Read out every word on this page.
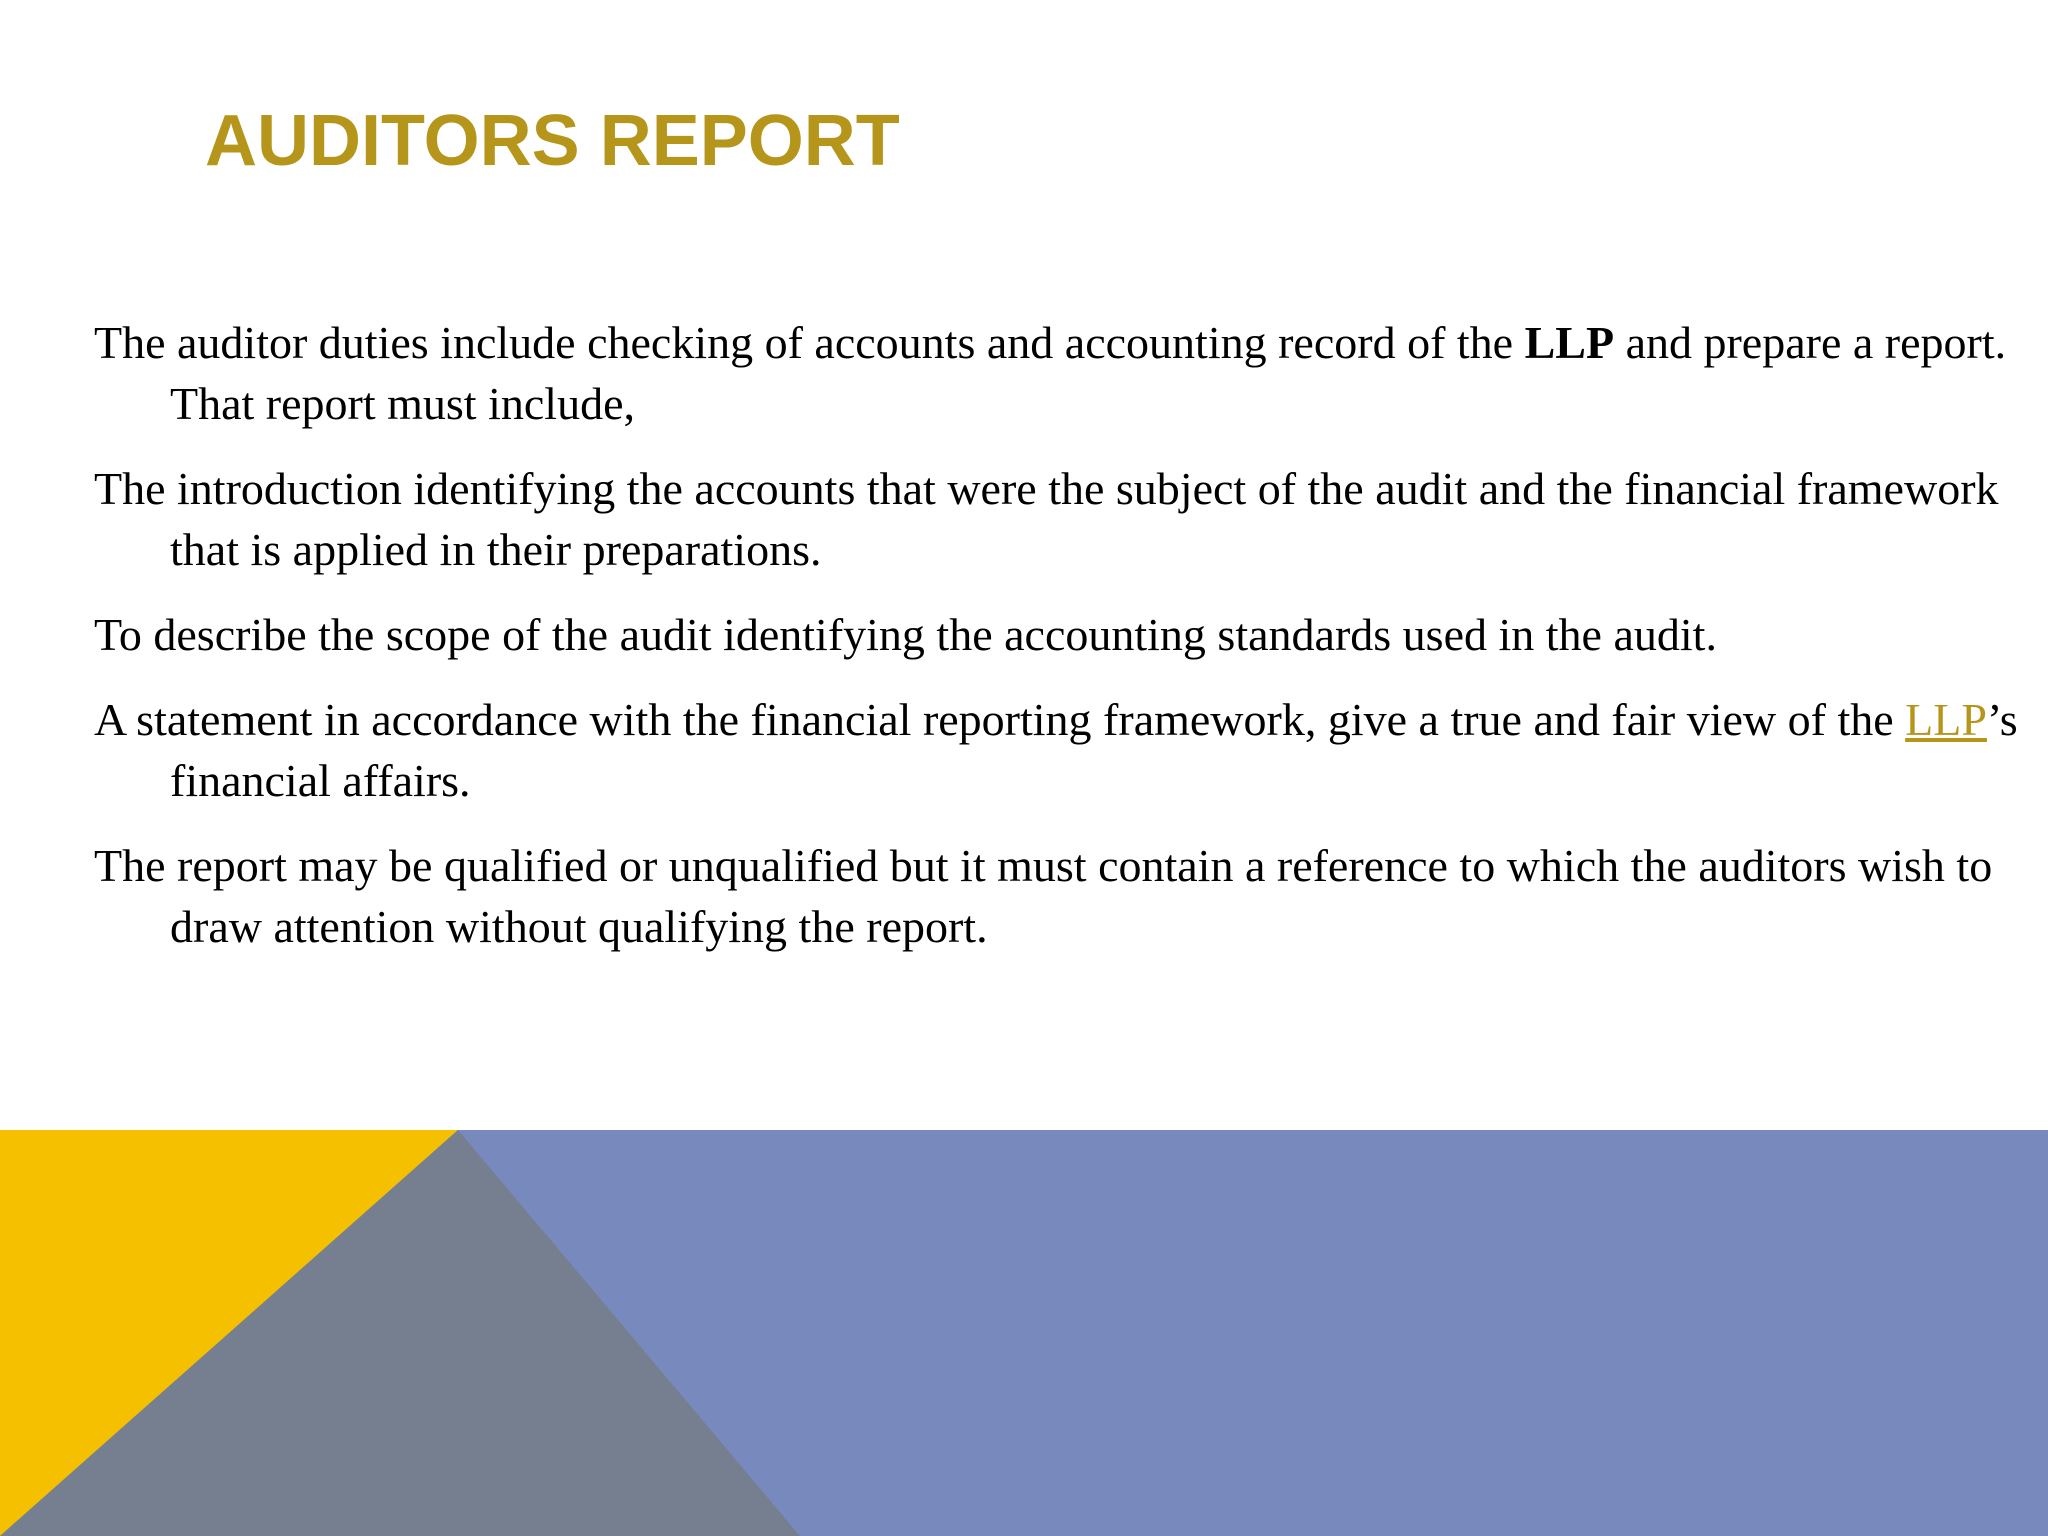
AUDITORS REPORT

The auditor duties include checking of accounts and accounting record of the LLP and prepare a report. That report must include,

The introduction identifying the accounts that were the subject of the audit and the financial framework that is applied in their preparations.

To describe the scope of the audit identifying the accounting standards used in the audit.

A statement in accordance with the financial reporting framework, give a true and fair view of the LLP’s financial affairs.

The report may be qualified or unqualified but it must contain a reference to which the auditors wish to draw attention without qualifying the report.
